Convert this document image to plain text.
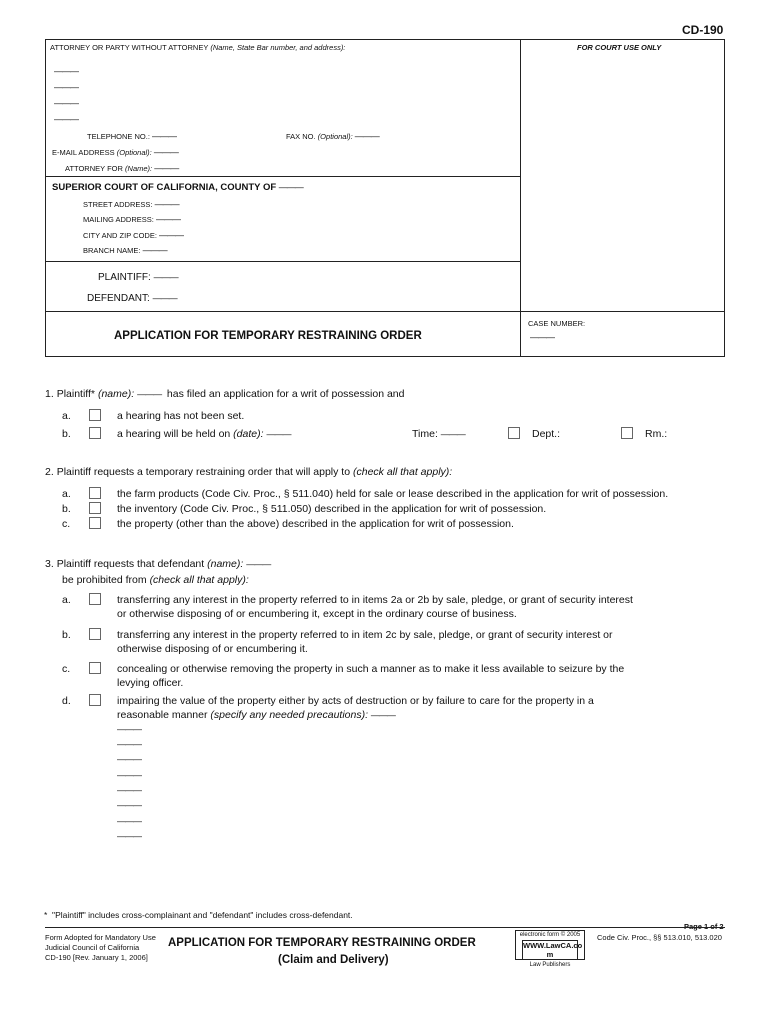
CD-190
ATTORNEY OR PARTY WITHOUT ATTORNEY (Name, State Bar number, and address):	FOR COURT USE ONLY
———
———
———
———
TELEPHONE NO.: ———	FAX NO. (Optional): ———
E-MAIL ADDRESS (Optional): ———
ATTORNEY FOR (Name): ———
SUPERIOR COURT OF CALIFORNIA, COUNTY OF ———
STREET ADDRESS: ———
MAILING ADDRESS: ———
CITY AND ZIP CODE: ———
BRANCH NAME: ———
PLAINTIFF: ———
DEFENDANT: ———
APPLICATION FOR TEMPORARY RESTRAINING ORDER
CASE NUMBER:
———
1. Plaintiff* (name): ——— has filed an application for a writ of possession and
a.	a hearing has not been set.
b.	a hearing will be held on (date): ———	Time: ———	Dept.:	Rm.:
2. Plaintiff requests a temporary restraining order that will apply to (check all that apply):
a.	the farm products (Code Civ. Proc., § 511.040) held for sale or lease described in the application for writ of possession.
b.	the inventory (Code Civ. Proc., § 511.050) described in the application for writ of possession.
c.	the property (other than the above) described in the application for writ of possession.
3. Plaintiff requests that defendant (name): ———
be prohibited from (check all that apply):
a.	transferring any interest in the property referred to in items 2a or 2b by sale, pledge, or grant of security interest
or otherwise disposing of or encumbering it, except in the ordinary course of business.
b.	transferring any interest in the property referred to in item 2c by sale, pledge, or grant of security interest or
otherwise disposing of or encumbering it.
c.	concealing or otherwise removing the property in such a manner as to make it less available to seizure by the
levying officer.
d.	impairing the value of the property either by acts of destruction or by failure to care for the property in a
reasonable manner (specify any needed precautions): ———
———
———
———
———
———
———
———
———
* "Plaintiff" includes cross-complainant and "defendant" includes cross-defendant.
Form Adopted for Mandatory Use
Judicial Council of California
CD-190 [Rev. January 1, 2006]
APPLICATION FOR TEMPORARY RESTRAINING ORDER
(Claim and Delivery)
electronic form © 2005
WWW.LawCA.co
m
Law Publishers
Code Civ. Proc., §§ 513.010, 513.020
